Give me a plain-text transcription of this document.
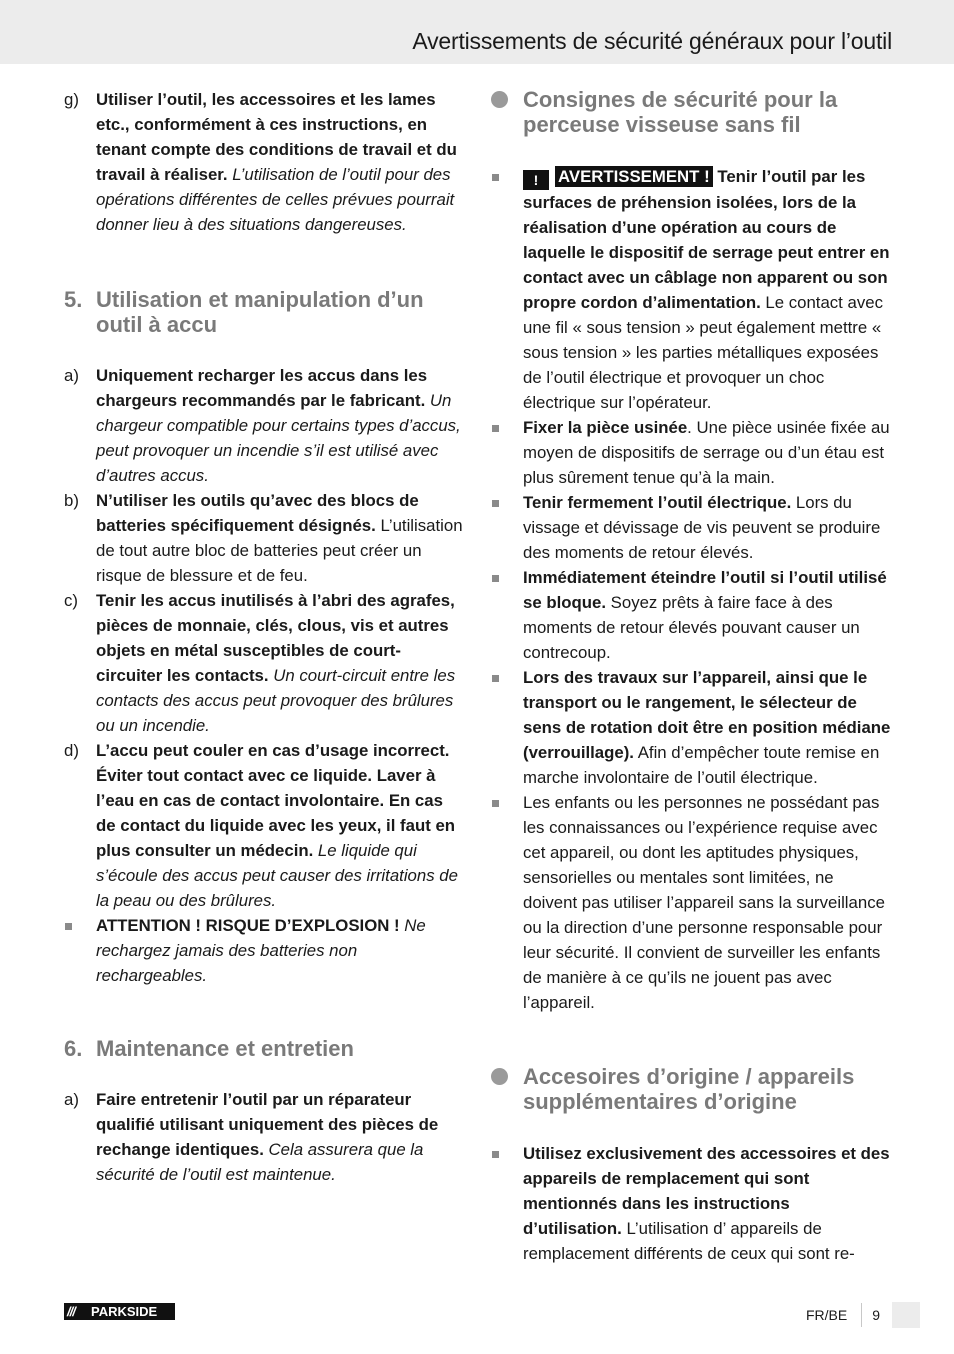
Avertissements de sécurité généraux pour l’outil
g)	Utiliser l’outil, les accessoires et les lames etc., conformément à ces instructions, en tenant compte des conditions de travail et du travail à réaliser. L’utilisation de l’outil pour des opérations différentes de celles prévues pourrait donner lieu à des situations dangereuses.
5. Utilisation et manipulation d’un outil à accu
a)	Uniquement recharger les accus dans les chargeurs recommandés par le fabricant. Un chargeur compatible pour certains types d’accus, peut provoquer un incendie s’il est utilisé avec d’autres accus.
b)	N’utiliser les outils qu’avec des blocs de batteries spécifiquement désignés. L’utilisation de tout autre bloc de batteries peut créer un risque de blessure et de feu.
c)	Tenir les accus inutilisés à l’abri des agrafes, pièces de monnaie, clés, clous, vis et autres objets en métal susceptibles de court-circuiter les contacts. Un court-circuit entre les contacts des accus peut provoquer des brûlures ou un incendie.
d)	L’accu peut couler en cas d’usage incorrect. Éviter tout contact avec ce liquide. Laver à l’eau en cas de contact involontaire. En cas de contact du liquide avec les yeux, il faut en plus consulter un médecin. Le liquide qui s’écoule des accus peut causer des irritations de la peau ou des brûlures.
ATTENTION ! RISQUE D’EXPLOSION ! Ne rechargez jamais des batteries non rechargeables.
6. Maintenance et entretien
a)	Faire entretenir l’outil par un réparateur qualifié utilisant uniquement des pièces de rechange identiques. Cela assurera que la sécurité de l’outil est maintenue.
Consignes de sécurité pour la perceuse visseuse sans fil
! AVERTISSEMENT ! Tenir l’outil par les surfaces de préhension isolées, lors de la réalisation d’une opération au cours de laquelle le dispositif de serrage peut entrer en contact avec un câblage non apparent ou son propre cordon d’alimentation. Le contact avec une fil « sous tension » peut également mettre « sous tension » les parties métalliques exposées de l’outil électrique et provoquer un choc électrique sur l’opérateur.
Fixer la pièce usinée. Une pièce usinée fixée au moyen de dispositifs de serrage ou d’un étau est plus sûrement tenue qu’à la main.
Tenir fermement l’outil électrique. Lors du vissage et dévissage de vis peuvent se produire des moments de retour élevés.
Immédiatement éteindre l’outil si l’outil utilisé se bloque. Soyez prêts à faire face à des moments de retour élevés pouvant causer un contrecoup.
Lors des travaux sur l’appareil, ainsi que le transport ou le rangement, le sélecteur de sens de rotation doit être en position médiane (verrouillage). Afin d’empêcher toute remise en marche involontaire de l’outil électrique.
Les enfants ou les personnes ne possédant pas les connaissances ou l’expérience requise avec cet appareil, ou dont les aptitudes physiques, sensorielles ou mentales sont limitées, ne doivent pas utiliser l’appareil sans la surveillance ou la direction d’une personne responsable pour leur sécurité. Il convient de surveiller les enfants de manière à ce qu’ils ne jouent pas avec l’appareil.
Accesoires d’origine / appareils supplémentaires d’origine
Utilisez exclusivement des accessoires et des appareils de remplacement qui sont mentionnés dans les instructions d’utilisation. L’utilisation d’ appareils de remplacement différents de ceux qui sont re-
///	PARKSIDE	FR/BE 9
